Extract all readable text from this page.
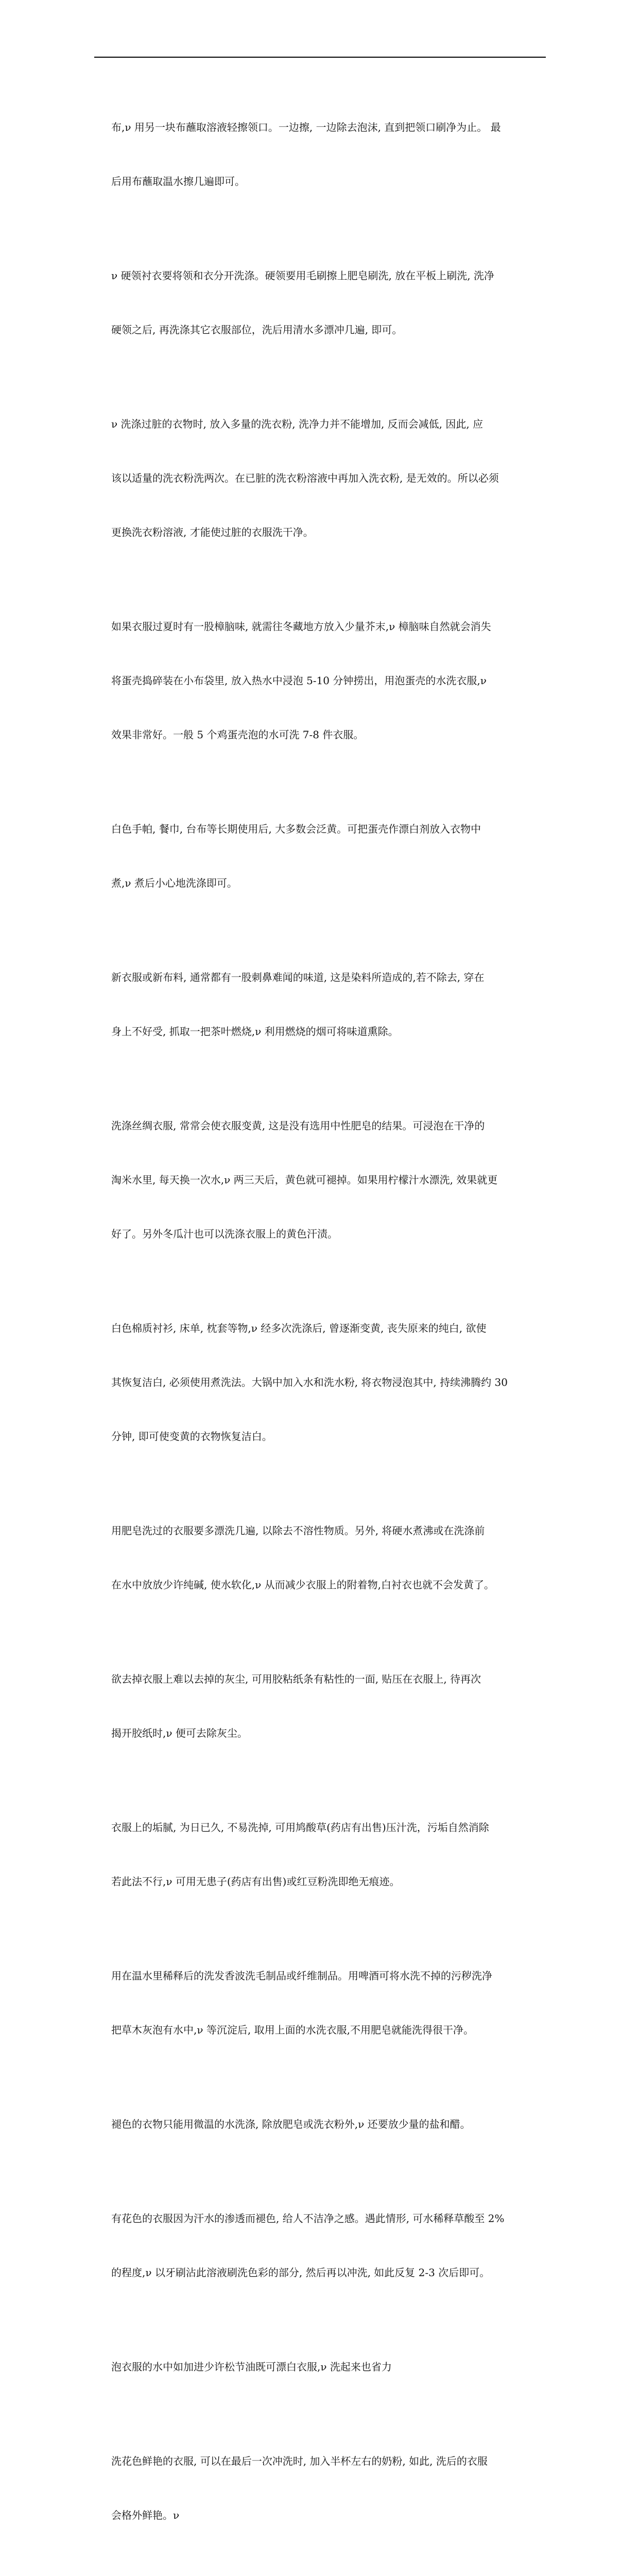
布,ν 用另一块布蘸取溶液轻擦领口。一边擦, 一边除去泡沫, 直到把领口刷净为止。 最

后用布蘸取温水擦几遍即可。

ν 硬领衬衣要将领和衣分开洗涤。硬领要用毛刷擦上肥皂刷洗, 放在平板上刷洗, 洗净

硬领之后, 再洗涤其它衣服部位，洗后用清水多漂冲几遍, 即可。

ν 洗涤过脏的衣物时, 放入多量的洗衣粉, 洗净力并不能增加, 反而会减低, 因此, 应

该以适量的洗衣粉洗两次。在已脏的洗衣粉溶液中再加入洗衣粉, 是无效的。所以必须

更换洗衣粉溶液, 才能使过脏的衣服洗干净。

如果衣服过夏时有一股樟脑味, 就需往冬藏地方放入少量芥末,ν 樟脑味自然就会消失

将蛋壳捣碎装在小布袋里, 放入热水中浸泡 5-10 分钟捞出，用泡蛋壳的水洗衣服,ν

效果非常好。一般 5 个鸡蛋壳泡的水可洗 7-8 件衣服。

白色手帕, 餐巾, 台布等长期使用后, 大多数会泛黄。可把蛋壳作漂白剂放入衣物中

煮,ν 煮后小心地洗涤即可。

新衣服或新布料, 通常都有一股刺鼻难闻的味道, 这是染料所造成的,若不除去, 穿在

身上不好受, 抓取一把茶叶燃烧,ν 利用燃烧的烟可将味道熏除。

洗涤丝绸衣服, 常常会使衣服变黄, 这是没有选用中性肥皂的结果。可浸泡在干净的

淘米水里, 每天换一次水,ν 两三天后，黄色就可褪掉。如果用柠檬汁水漂洗, 效果就更

好了。另外冬瓜汁也可以洗涤衣服上的黄色汗渍。

白色棉质衬衫, 床单, 枕套等物,ν 经多次洗涤后, 曾逐渐变黄, 丧失原来的纯白, 欲使

其恢复洁白, 必须使用煮洗法。大锅中加入水和洗水粉, 将衣物浸泡其中, 持续沸腾约 30

分钟, 即可使变黄的衣物恢复洁白。

用肥皂洗过的衣服要多漂洗几遍, 以除去不溶性物质。另外, 将硬水煮沸或在洗涤前

在水中放放少许纯碱, 使水软化,ν 从而减少衣服上的附着物,白衬衣也就不会发黄了。

欲去掉衣服上难以去掉的灰尘, 可用胶粘纸条有粘性的一面, 贴压在衣服上, 待再次

揭开胶纸时,ν 便可去除灰尘。

衣服上的垢腻, 为日已久, 不易洗掉, 可用鸠酸草(药店有出售)压汁洗，污垢自然消除

若此法不行,ν 可用无患子(药店有出售)或红豆粉洗即绝无痕迹。

用在温水里稀释后的洗发香波洗毛制品或纤维制品。用啤酒可将水洗不掉的污秽洗净

把草木灰泡有水中,ν 等沉淀后, 取用上面的水洗衣服,不用肥皂就能洗得很干净。

褪色的衣物只能用微温的水洗涤, 除放肥皂或洗衣粉外,ν 还要放少量的盐和醋。

有花色的衣服因为汗水的渗透而褪色, 给人不洁净之感。遇此情形, 可水稀释草酸至 2%

的程度,ν 以牙刷沾此溶液刷洗色彩的部分, 然后再以冲洗, 如此反复 2-3 次后即可。

泡衣服的水中如加进少许松节油既可漂白衣服,ν 洗起来也省力

洗花色鲜艳的衣服, 可以在最后一次冲洗时, 加入半杯左右的奶粉, 如此, 洗后的衣服

会格外鲜艳。ν
